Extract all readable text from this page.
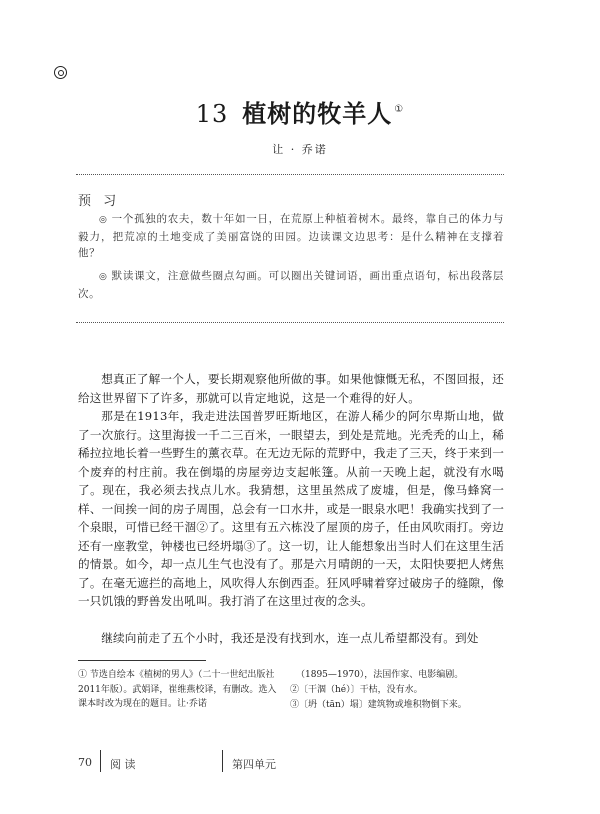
13 植树的牧羊人 ①
让 · 乔诺
预 习
◎ 一个孤独的农夫，数十年如一日，在荒原上种植着树木。最终，靠自己的体力与毅力，把荒凉的土地变成了美丽富饶的田园。边读课文边思考：是什么精神在支撑着他？
◎ 默读课文，注意做些圈点勾画。可以圈出关键词语，画出重点语句，标出段落层次。
想真正了解一个人，要长期观察他所做的事。如果他慷慨无私，不图回报，还给这世界留下了许多，那就可以肯定地说，这是一个难得的好人。
那是在1913年，我走进法国普罗旺斯地区，在游人稀少的阿尔卑斯山地，做了一次旅行。这里海拔一千二三百米，一眼望去，到处是荒地。光秃秃的山上，稀稀拉拉地长着一些野生的薰衣草。在无边无际的荒野中，我走了三天，终于来到一个废弃的村庄前。我在倒塌的房屋旁边支起帐篷。从前一天晚上起，就没有水喝了。现在，我必须去找点儿水。我猜想，这里虽然成了废墟，但是，像马蜂窝一样、一间挨一间的房子周围，总会有一口水井，或是一眼泉水吧！我确实找到了一个泉眼，可惜已经干涸②了。这里有五六栋没了屋顶的房子，任由风吹雨打。旁边还有一座教堂，钟楼也已经坍塌③了。这一切，让人能想象出当时人们在这里生活的情景。如今，却一点儿生气也没有了。那是六月晴朗的一天，太阳快要把人烤焦了。在毫无遮拦的高地上，风吹得人东倒西歪。狂风呼啸着穿过破房子的缝隙，像一只饥饿的野兽发出吼叫。我打消了在这里过夜的念头。
继续向前走了五个小时，我还是没有找到水，连一点儿希望都没有。到处
① 节选自绘本《植树的男人》（二十一世纪出版社2011年版）。武娟译，崔维燕校译，有删改。选入课本时改为现在的题目。让·乔诺
（1895—1970），法国作家、电影编剧。
②〔干涸（hé）〕干枯，没有水。
③〔坍（tān）塌〕建筑物或堆积物倒下来。
70 阅 读	第四单元
